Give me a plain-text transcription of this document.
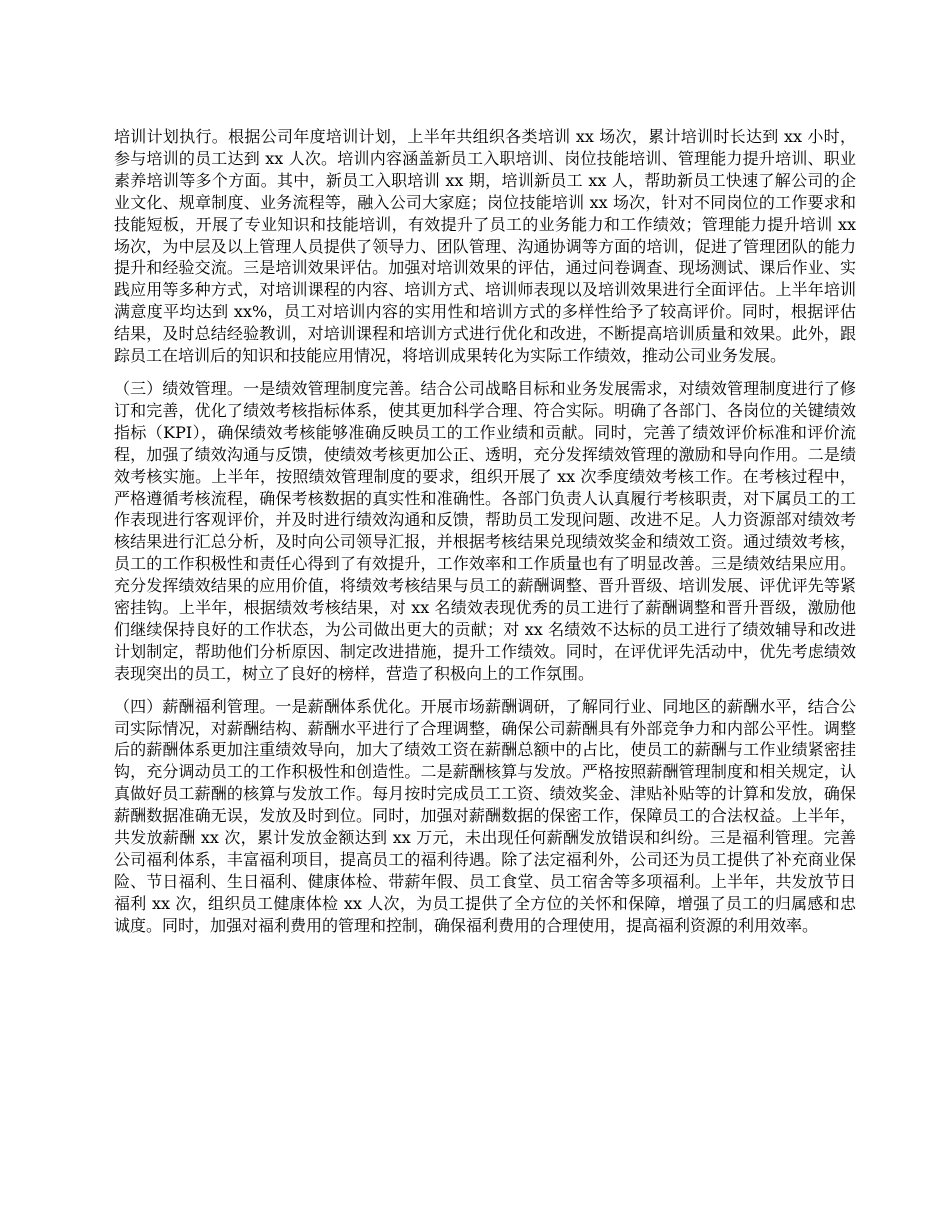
培训计划执行。根据公司年度培训计划，上半年共组织各类培训 xx 场次，累计培训时长达到 xx 小时，参与培训的员工达到 xx 人次。培训内容涵盖新员工入职培训、岗位技能培训、管理能力提升培训、职业素养培训等多个方面。其中，新员工入职培训 xx 期，培训新员工 xx 人，帮助新员工快速了解公司的企业文化、规章制度、业务流程等，融入公司大家庭；岗位技能培训 xx 场次，针对不同岗位的工作要求和技能短板，开展了专业知识和技能培训，有效提升了员工的业务能力和工作绩效；管理能力提升培训 xx 场次，为中层及以上管理人员提供了领导力、团队管理、沟通协调等方面的培训，促进了管理团队的能力提升和经验交流。三是培训效果评估。加强对培训效果的评估，通过问卷调查、现场测试、课后作业、实践应用等多种方式，对培训课程的内容、培训方式、培训师表现以及培训效果进行全面评估。上半年培训满意度平均达到 xx%，员工对培训内容的实用性和培训方式的多样性给予了较高评价。同时，根据评估结果，及时总结经验教训，对培训课程和培训方式进行优化和改进，不断提高培训质量和效果。此外，跟踪员工在培训后的知识和技能应用情况，将培训成果转化为实际工作绩效，推动公司业务发展。

（三）绩效管理。一是绩效管理制度完善。结合公司战略目标和业务发展需求，对绩效管理制度进行了修订和完善，优化了绩效考核指标体系，使其更加科学合理、符合实际。明确了各部门、各岗位的关键绩效指标（KPI），确保绩效考核能够准确反映员工的工作业绩和贡献。同时，完善了绩效评价标准和评价流程，加强了绩效沟通与反馈，使绩效考核更加公正、透明，充分发挥绩效管理的激励和导向作用。二是绩效考核实施。上半年，按照绩效管理制度的要求，组织开展了 xx 次季度绩效考核工作。在考核过程中，严格遵循考核流程，确保考核数据的真实性和准确性。各部门负责人认真履行考核职责，对下属员工的工作表现进行客观评价，并及时进行绩效沟通和反馈，帮助员工发现问题、改进不足。人力资源部对绩效考核结果进行汇总分析，及时向公司领导汇报，并根据考核结果兑现绩效奖金和绩效工资。通过绩效考核，员工的工作积极性和责任心得到了有效提升，工作效率和工作质量也有了明显改善。三是绩效结果应用。充分发挥绩效结果的应用价值，将绩效考核结果与员工的薪酬调整、晋升晋级、培训发展、评优评先等紧密挂钩。上半年，根据绩效考核结果，对 xx 名绩效表现优秀的员工进行了薪酬调整和晋升晋级，激励他们继续保持良好的工作状态，为公司做出更大的贡献；对 xx 名绩效不达标的员工进行了绩效辅导和改进计划制定，帮助他们分析原因、制定改进措施，提升工作绩效。同时，在评优评先活动中，优先考虑绩效表现突出的员工，树立了良好的榜样，营造了积极向上的工作氛围。

（四）薪酬福利管理。一是薪酬体系优化。开展市场薪酬调研，了解同行业、同地区的薪酬水平，结合公司实际情况，对薪酬结构、薪酬水平进行了合理调整，确保公司薪酬具有外部竞争力和内部公平性。调整后的薪酬体系更加注重绩效导向，加大了绩效工资在薪酬总额中的占比，使员工的薪酬与工作业绩紧密挂钩，充分调动员工的工作积极性和创造性。二是薪酬核算与发放。严格按照薪酬管理制度和相关规定，认真做好员工薪酬的核算与发放工作。每月按时完成员工工资、绩效奖金、津贴补贴等的计算和发放，确保薪酬数据准确无误，发放及时到位。同时，加强对薪酬数据的保密工作，保障员工的合法权益。上半年，共发放薪酬 xx 次，累计发放金额达到 xx 万元，未出现任何薪酬发放错误和纠纷。三是福利管理。完善公司福利体系，丰富福利项目，提高员工的福利待遇。除了法定福利外，公司还为员工提供了补充商业保险、节日福利、生日福利、健康体检、带薪年假、员工食堂、员工宿舍等多项福利。上半年，共发放节日福利 xx 次，组织员工健康体检 xx 人次，为员工提供了全方位的关怀和保障，增强了员工的归属感和忠诚度。同时，加强对福利费用的管理和控制，确保福利费用的合理使用，提高福利资源的利用效率。
